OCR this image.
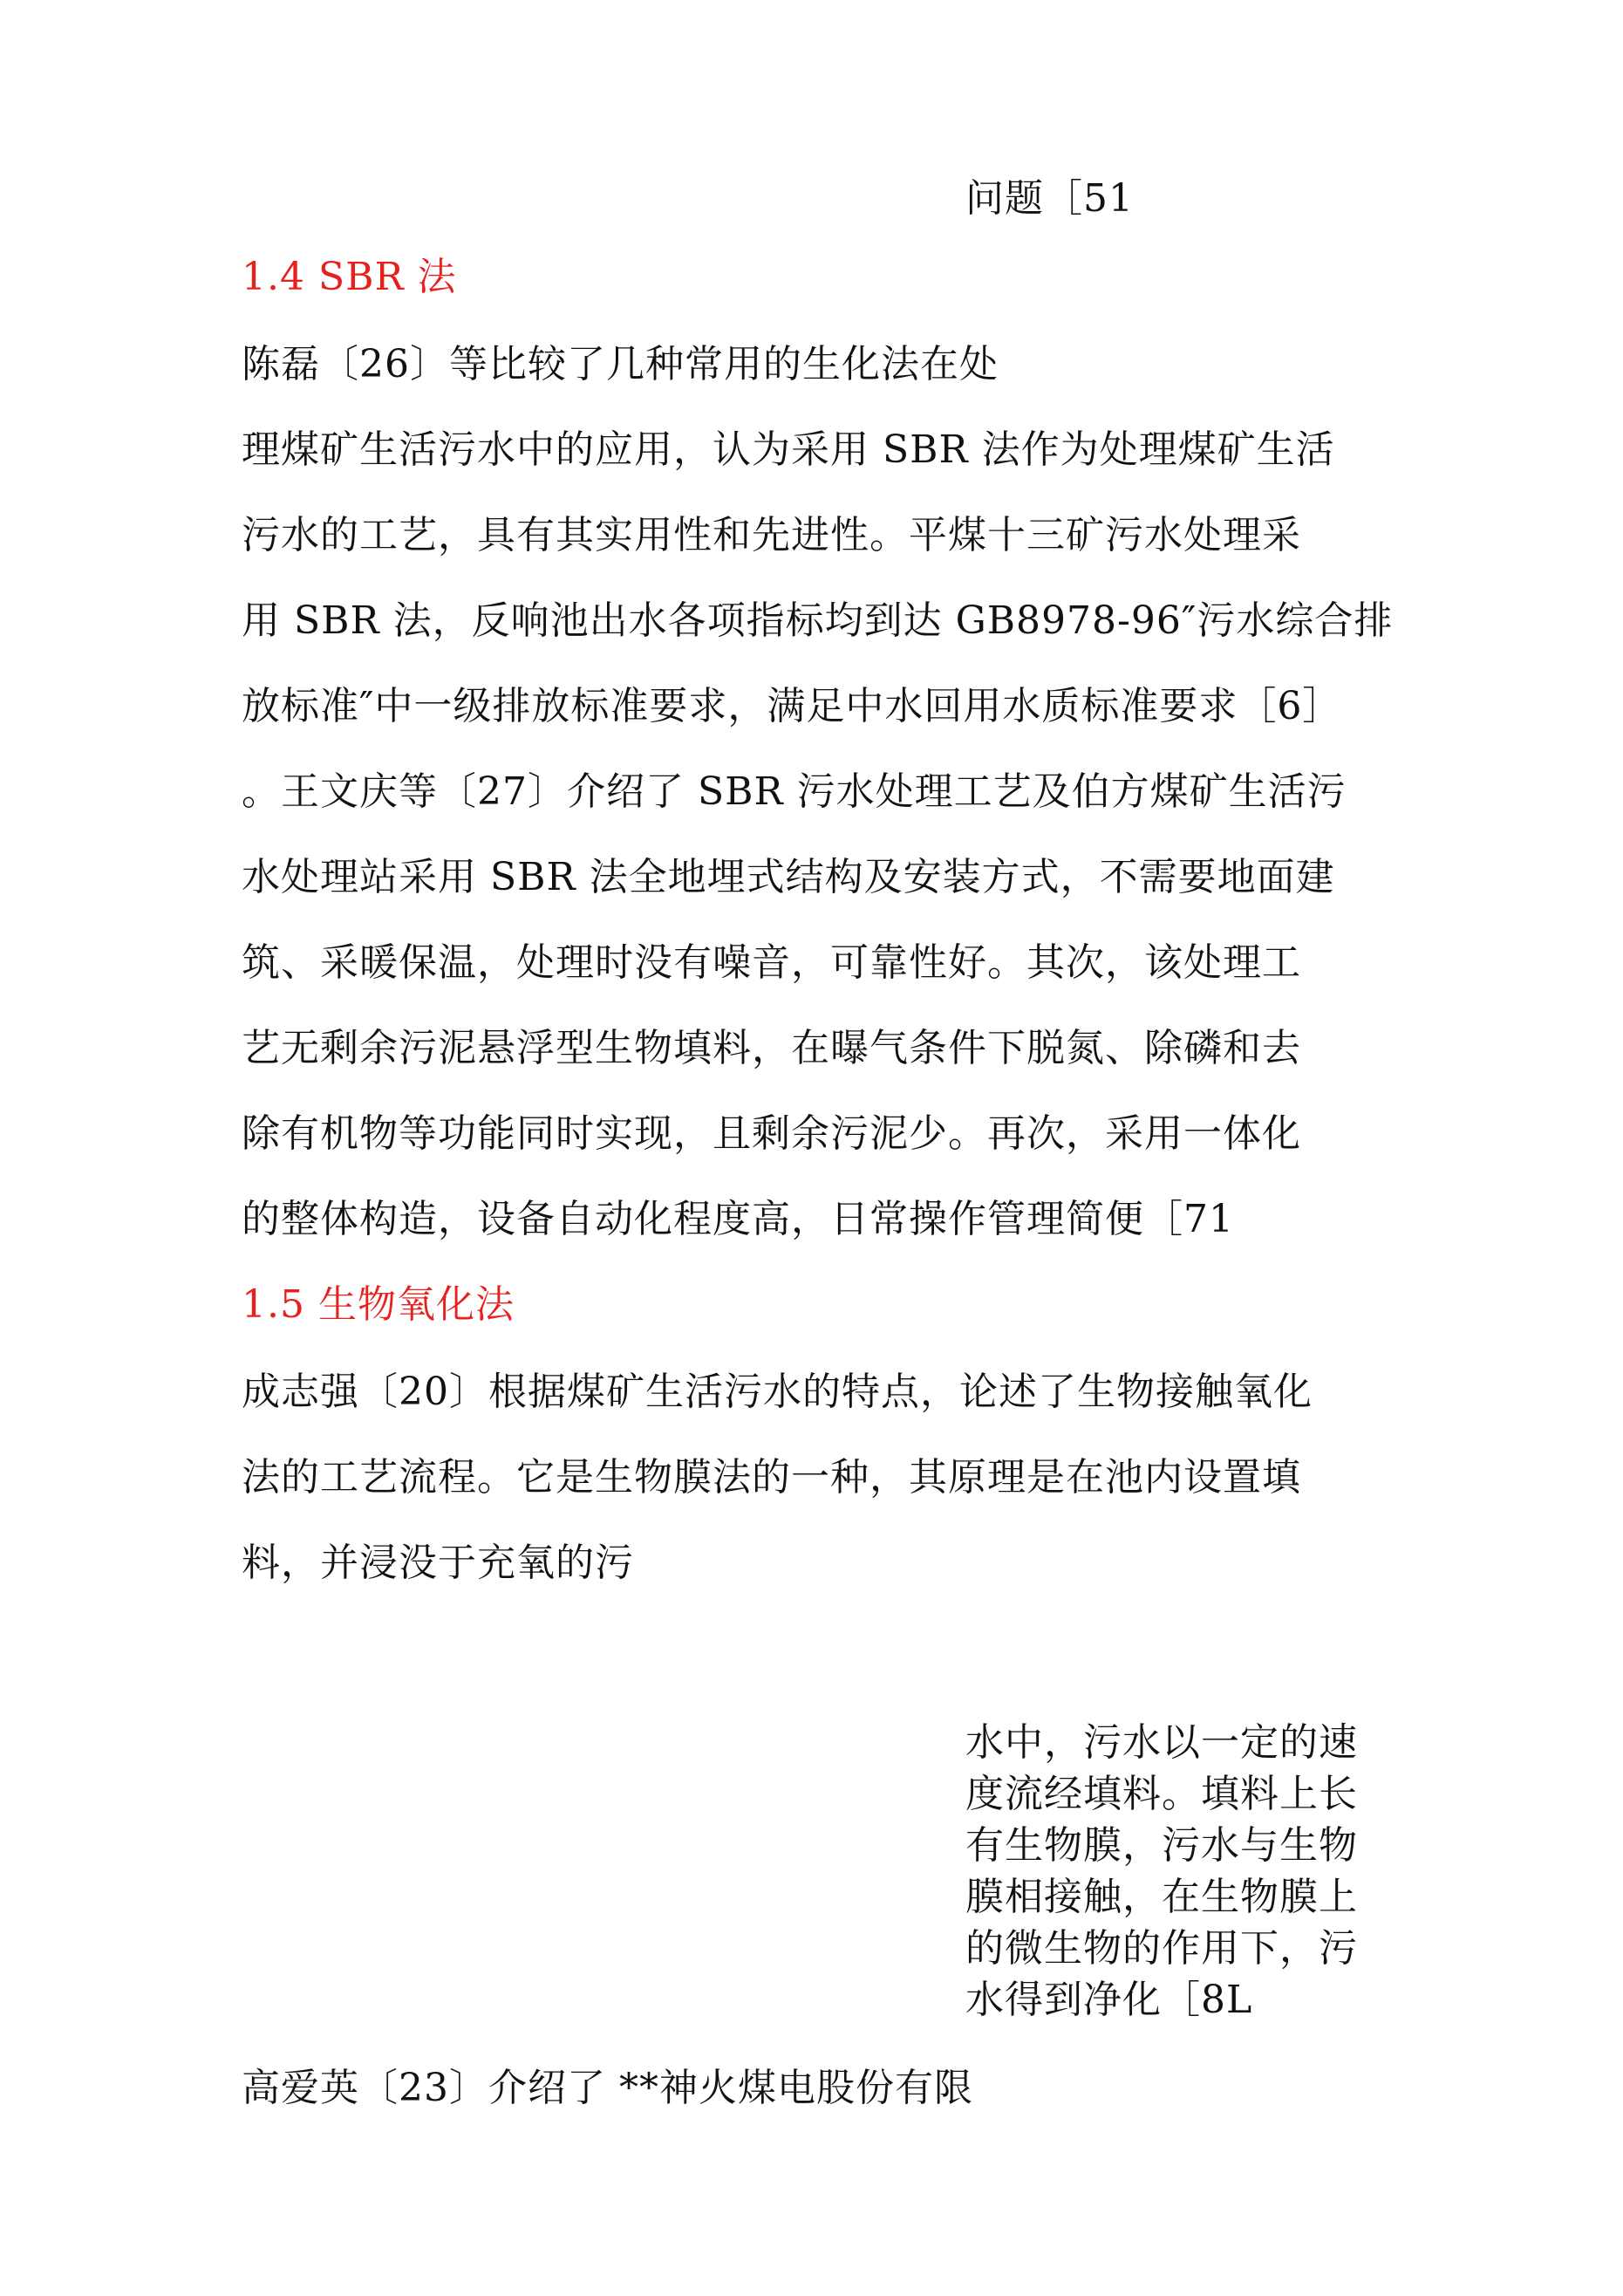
问题［51
1.4 SBR 法
陈磊〔26〕等比较了几种常用的生化法在处
理煤矿生活污水中的应用，认为采用 SBR 法作为处理煤矿生活
污水的工艺，具有其实用性和先进性。平煤十三矿污水处理采
用 SBR 法，反响池出水各项指标均到达 GB8978-96″污水综合排
放标准″中一级排放标准要求，满足中水回用水质标准要求［6］
。王文庆等〔27〕介绍了 SBR 污水处理工艺及伯方煤矿生活污
水处理站采用 SBR 法全地埋式结构及安装方式，不需要地面建
筑、采暖保温，处理时没有噪音，可靠性好。其次，该处理工
艺无剩余污泥悬浮型生物填料，在曝气条件下脱氮、除磷和去
除有机物等功能同时实现，且剩余污泥少。再次，采用一体化
的整体构造，设备自动化程度高，日常操作管理简便［71
1.5 生物氧化法
成志强〔20〕根据煤矿生活污水的特点，论述了生物接触氧化
法的工艺流程。它是生物膜法的一种，其原理是在池内设置填
料，并浸没于充氧的污
水中，污水以一定的速
度流经填料。填料上长
有生物膜，污水与生物
膜相接触，在生物膜上
的微生物的作用下，污
水得到净化［8L
高爱英〔23〕介绍了 **神火煤电股份有限
